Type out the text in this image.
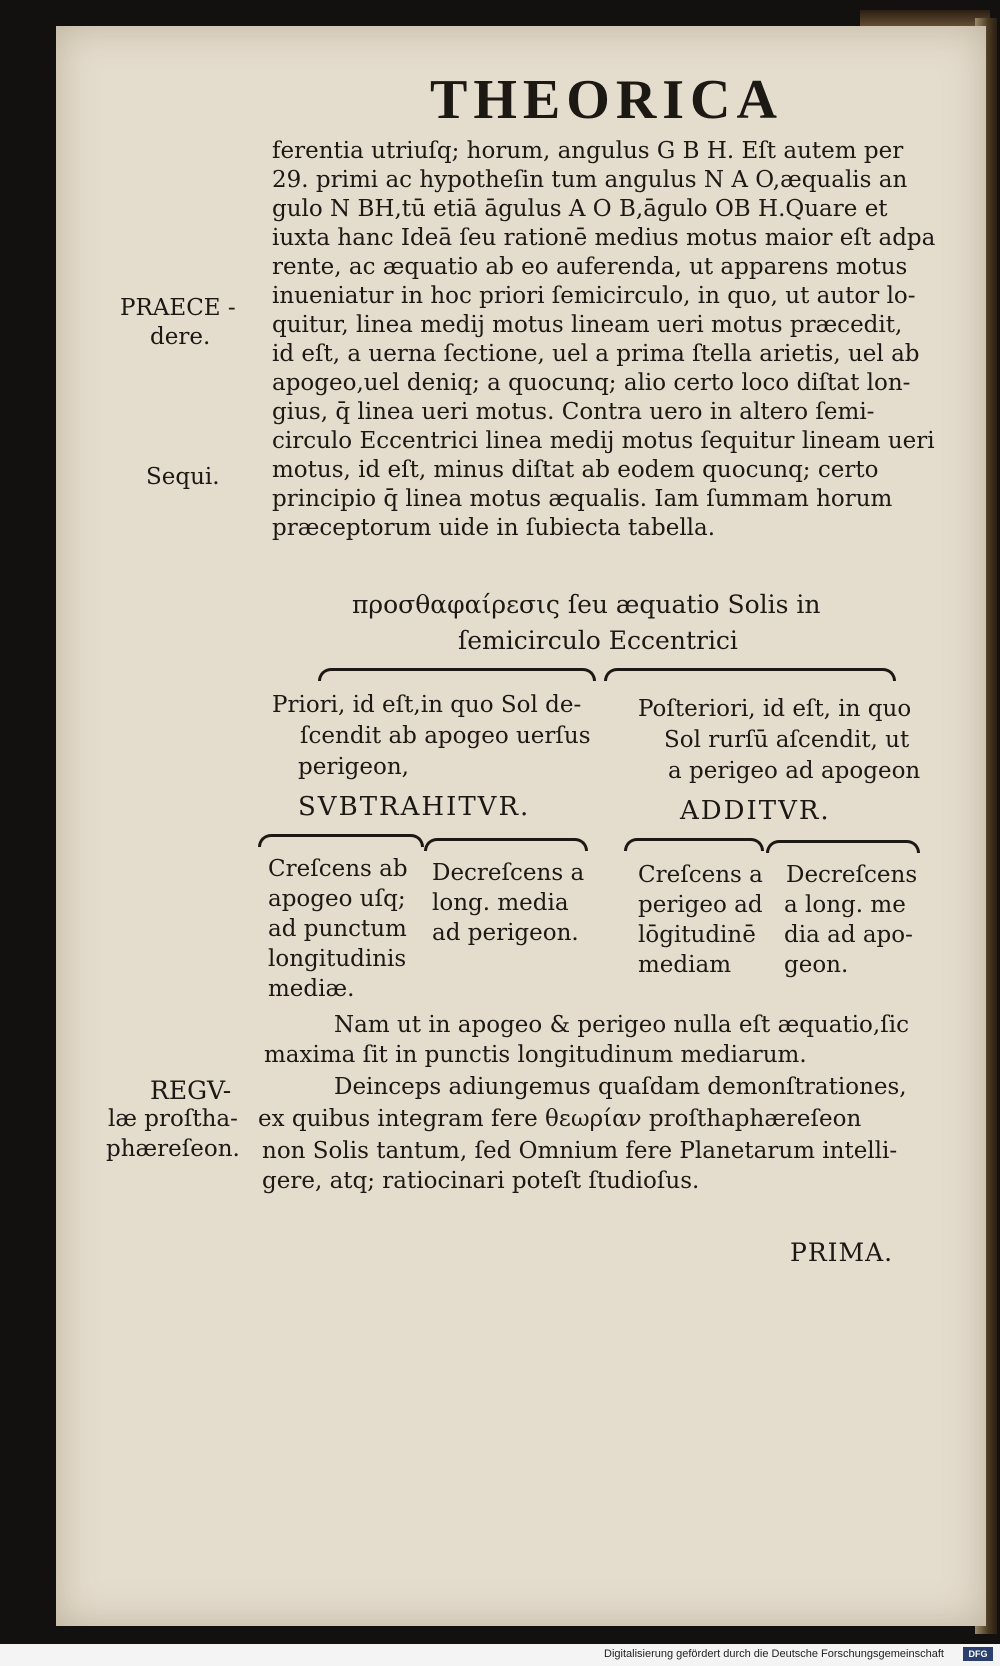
THEORICA
ferentia utriuſq; horum, angulus G B H. Eſt autem per
29. primi ac hypotheſin tum angulus N A O,æqualis an
gulo N BH,tū etiā āgulus A O B,āgulo OB H.Quare et
iuxta hanc Ideā ſeu rationē medius motus maior eſt adpa
rente, ac æquatio ab eo auferenda, ut apparens motus
inueniatur in hoc priori ſemicirculo, in quo, ut autor lo-
quitur, linea medij motus lineam ueri motus præcedit,
id eſt, a uerna ſectione, uel a prima ſtella arietis, uel ab
apogeo,uel deniq; a quocunq; alio certo loco diſtat lon-
gius, q̄ linea ueri motus. Contra uero in altero ſemi-
circulo Eccentrici linea medij motus ſequitur lineam ueri
motus, id eſt, minus diſtat ab eodem quocunq; certo
principio q̄ linea motus æqualis. Iam ſummam horum
præceptorum uide in ſubiecta tabella.
PRAECE -
dere.
Sequi.
προσθαφαίρεσις ſeu æquatio Solis in
ſemicirculo Eccentrici
Priori, id eſt,in quo Sol de-
ſcendit ab apogeo uerſus
perigeon,
SVBTRAHITVR.
Poſteriori, id eſt, in quo
Sol rurſū aſcendit, ut
a perigeo ad apogeon
ADDITVR.
Creſcens ab
apogeo uſq;
ad punctum
longitudinis
mediæ.
Decreſcens a
long. media
ad perigeon.
Creſcens a
perigeo ad
lōgitudinē
mediam
Decreſcens
a long. me
dia ad apo-
geon.
Nam ut in apogeo & perigeo nulla eſt æquatio,ſic
maxima ſit in punctis longitudinum mediarum.
Deinceps adiungemus quaſdam demonſtrationes,
ex quibus integram fere θεωρίαν proſthaphæreſeon
non Solis tantum, ſed Omnium fere Planetarum intelli-
gere, atq; ratiocinari poteſt ſtudioſus.
REGV-
læ proſtha-
phæreſeon.
PRIMA.
Digitalisierung gefördert durch die Deutsche Forschungsgemeinschaft	DFG
